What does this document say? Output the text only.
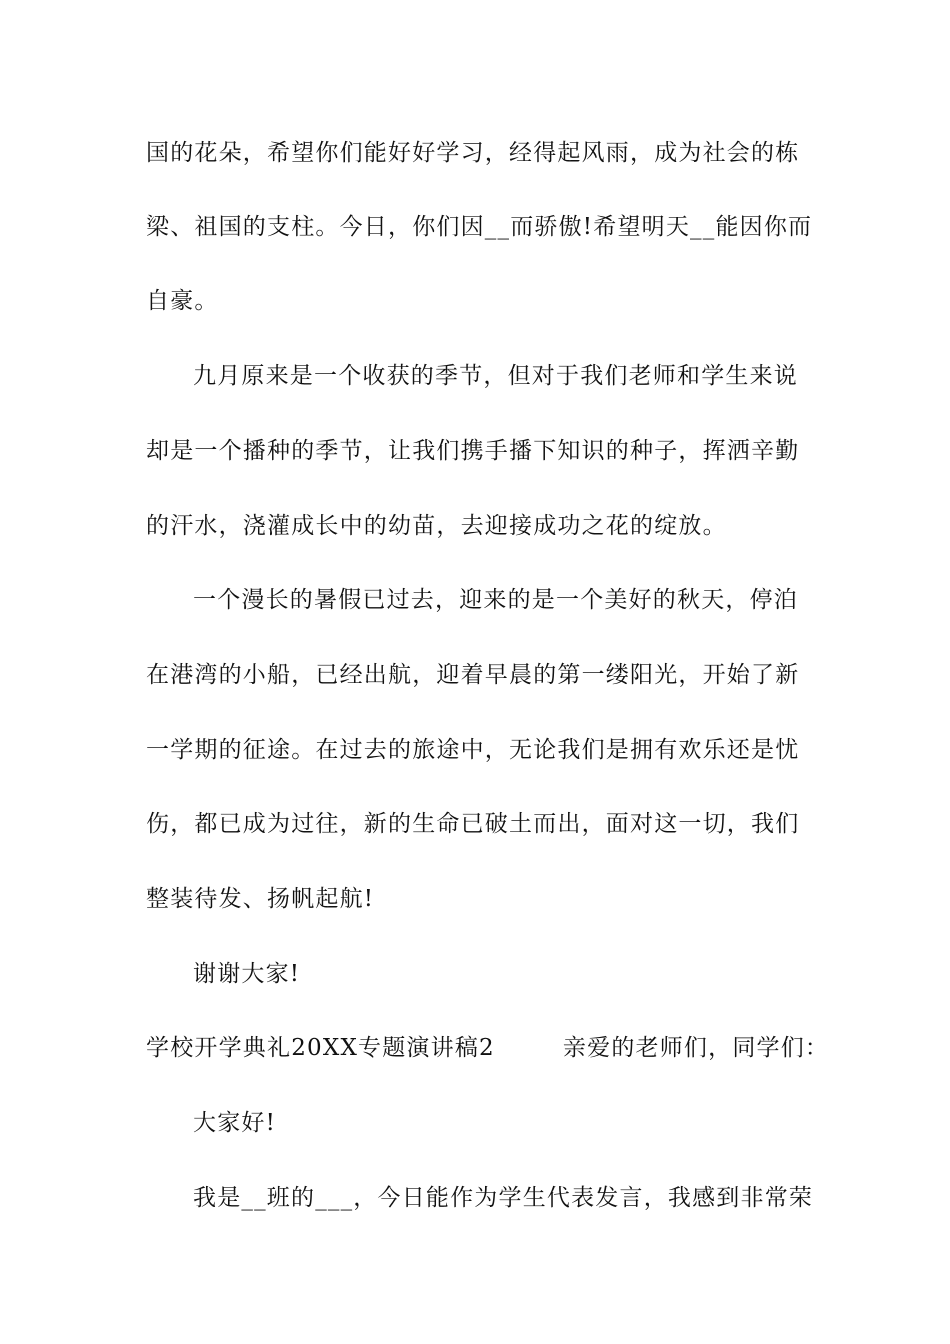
国的花朵，希望你们能好好学习，经得起风雨，成为社会的栋
梁、祖国的支柱。今日，你们因__而骄傲!希望明天__能因你而
自豪。
九月原来是一个收获的季节，但对于我们老师和学生来说
却是一个播种的季节，让我们携手播下知识的种子，挥洒辛勤
的汗水，浇灌成长中的幼苗，去迎接成功之花的绽放。
一个漫长的暑假已过去，迎来的是一个美好的秋天，停泊
在港湾的小船，已经出航，迎着早晨的第一缕阳光，开始了新
一学期的征途。在过去的旅途中，无论我们是拥有欢乐还是忧
伤，都已成为过往，新的生命已破土而出，面对这一切，我们
整装待发、扬帆起航!
谢谢大家!
学校开学典礼20XX专题演讲稿2        亲爱的老师们，同学们：
大家好!
我是__班的___，今日能作为学生代表发言，我感到非常荣
